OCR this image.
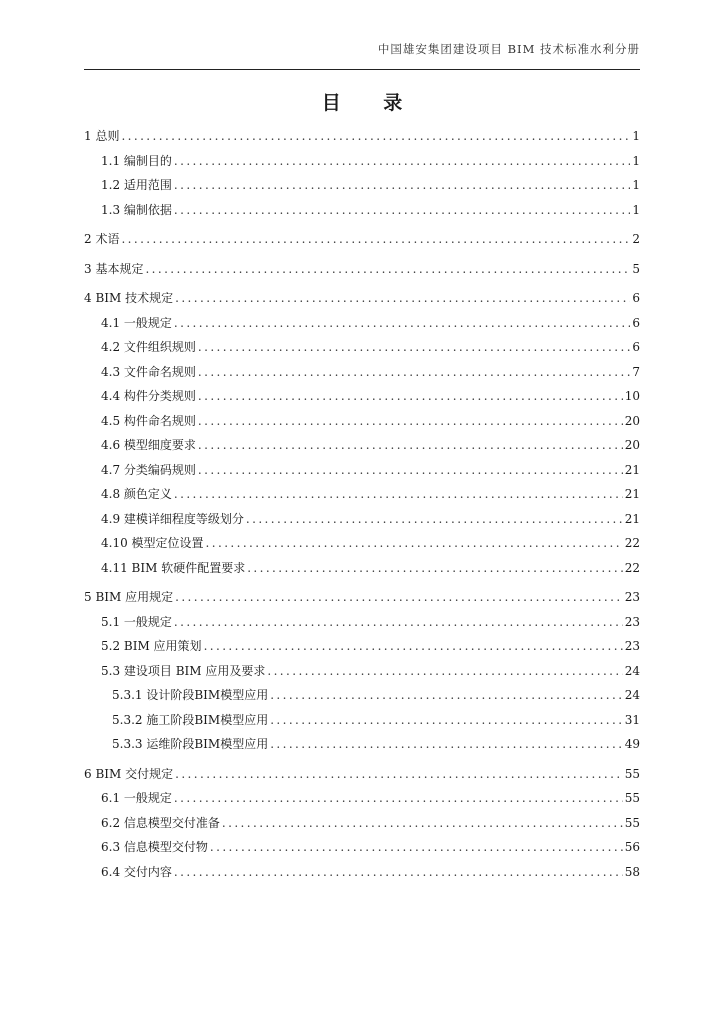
中国雄安集团建设项目 BIM 技术标准水利分册
目 录
1 总则 .....	1
1.1 编制目的 .....	1
1.2 适用范围 .....	1
1.3 编制依据 .....	1
2 术语 .....	2
3 基本规定 .....	5
4 BIM 技术规定 .....	6
4.1 一般规定 .....	6
4.2 文件组织规则 .....	6
4.3 文件命名规则 .....	7
4.4 构件分类规则 .....	10
4.5 构件命名规则 .....	20
4.6 模型细度要求 .....	20
4.7 分类编码规则 .....	21
4.8 颜色定义 .....	21
4.9 建模详细程度等级划分 .....	21
4.10 模型定位设置 .....	22
4.11 BIM 软硬件配置要求 .....	22
5 BIM 应用规定 .....	23
5.1 一般规定 .....	23
5.2 BIM 应用策划 .....	23
5.3 建设项目 BIM 应用及要求 .....	24
5.3.1 设计阶段BIM模型应用 .....	24
5.3.2 施工阶段BIM模型应用 .....	31
5.3.3 运维阶段BIM模型应用 .....	49
6 BIM 交付规定 .....	55
6.1 一般规定 .....	55
6.2 信息模型交付准备 .....	55
6.3 信息模型交付物 .....	56
6.4 交付内容 .....	58
